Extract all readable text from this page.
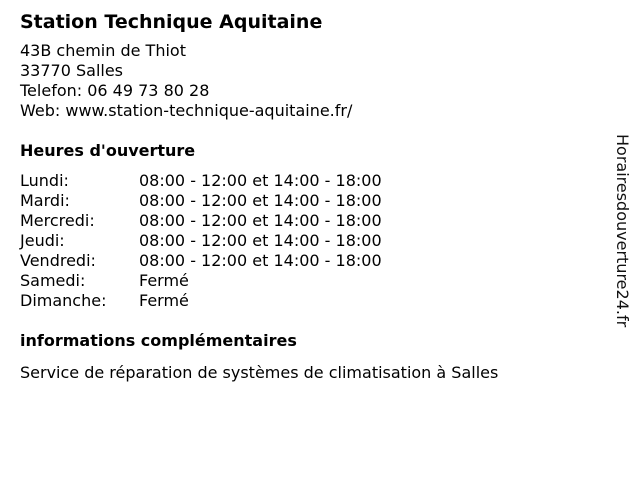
Station Technique Aquitaine
43B chemin de Thiot
33770 Salles
Telefon: 06 49 73 80 28
Web: www.station-technique-aquitaine.fr/
Heures d'ouverture
Lundi:	08:00 - 12:00 et 14:00 - 18:00
Mardi:	08:00 - 12:00 et 14:00 - 18:00
Mercredi:	08:00 - 12:00 et 14:00 - 18:00
Jeudi:	08:00 - 12:00 et 14:00 - 18:00
Vendredi:	08:00 - 12:00 et 14:00 - 18:00
Samedi:	Fermé
Dimanche:	Fermé
informations complémentaires
Service de réparation de systèmes de climatisation à Salles
Horairesdouverture24.fr
